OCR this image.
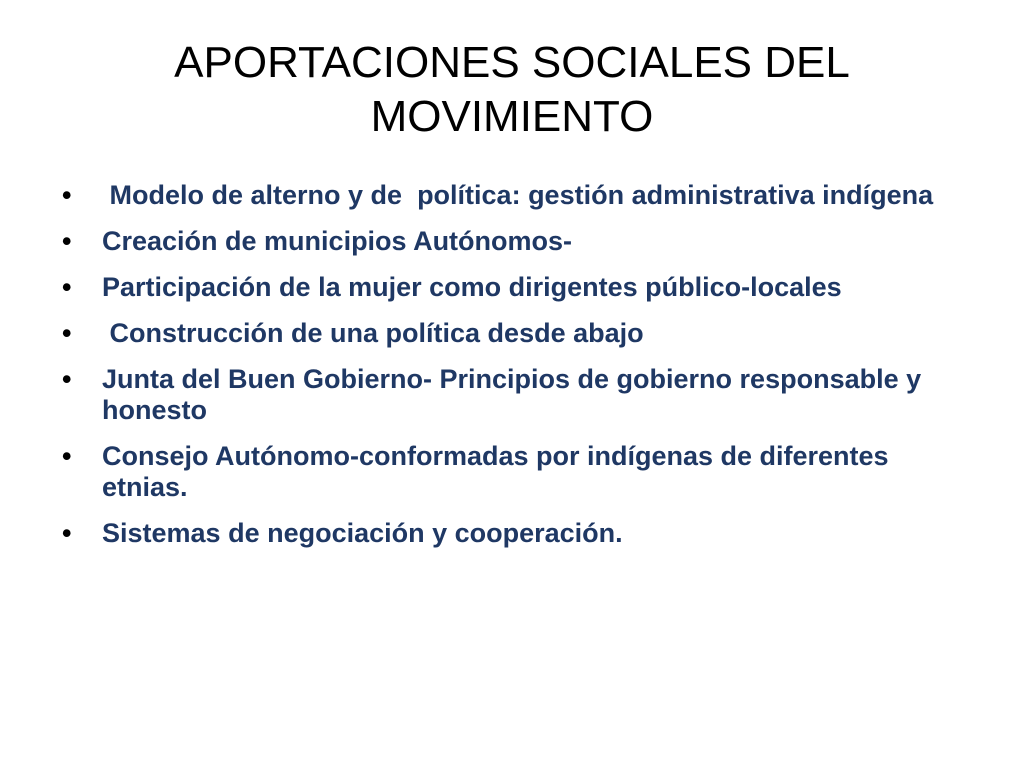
APORTACIONES SOCIALES DEL
MOVIMIENTO
•	Modelo de alterno y de  política: gestión administrativa indígena
•	Creación de municipios Autónomos-
•	Participación de la mujer como dirigentes público-locales
•	Construcción de una política desde abajo
•	Junta del Buen Gobierno- Principios de gobierno responsable y honesto
•	Consejo Autónomo-conformadas por indígenas de diferentes etnias.
•	Sistemas de negociación y cooperación.
